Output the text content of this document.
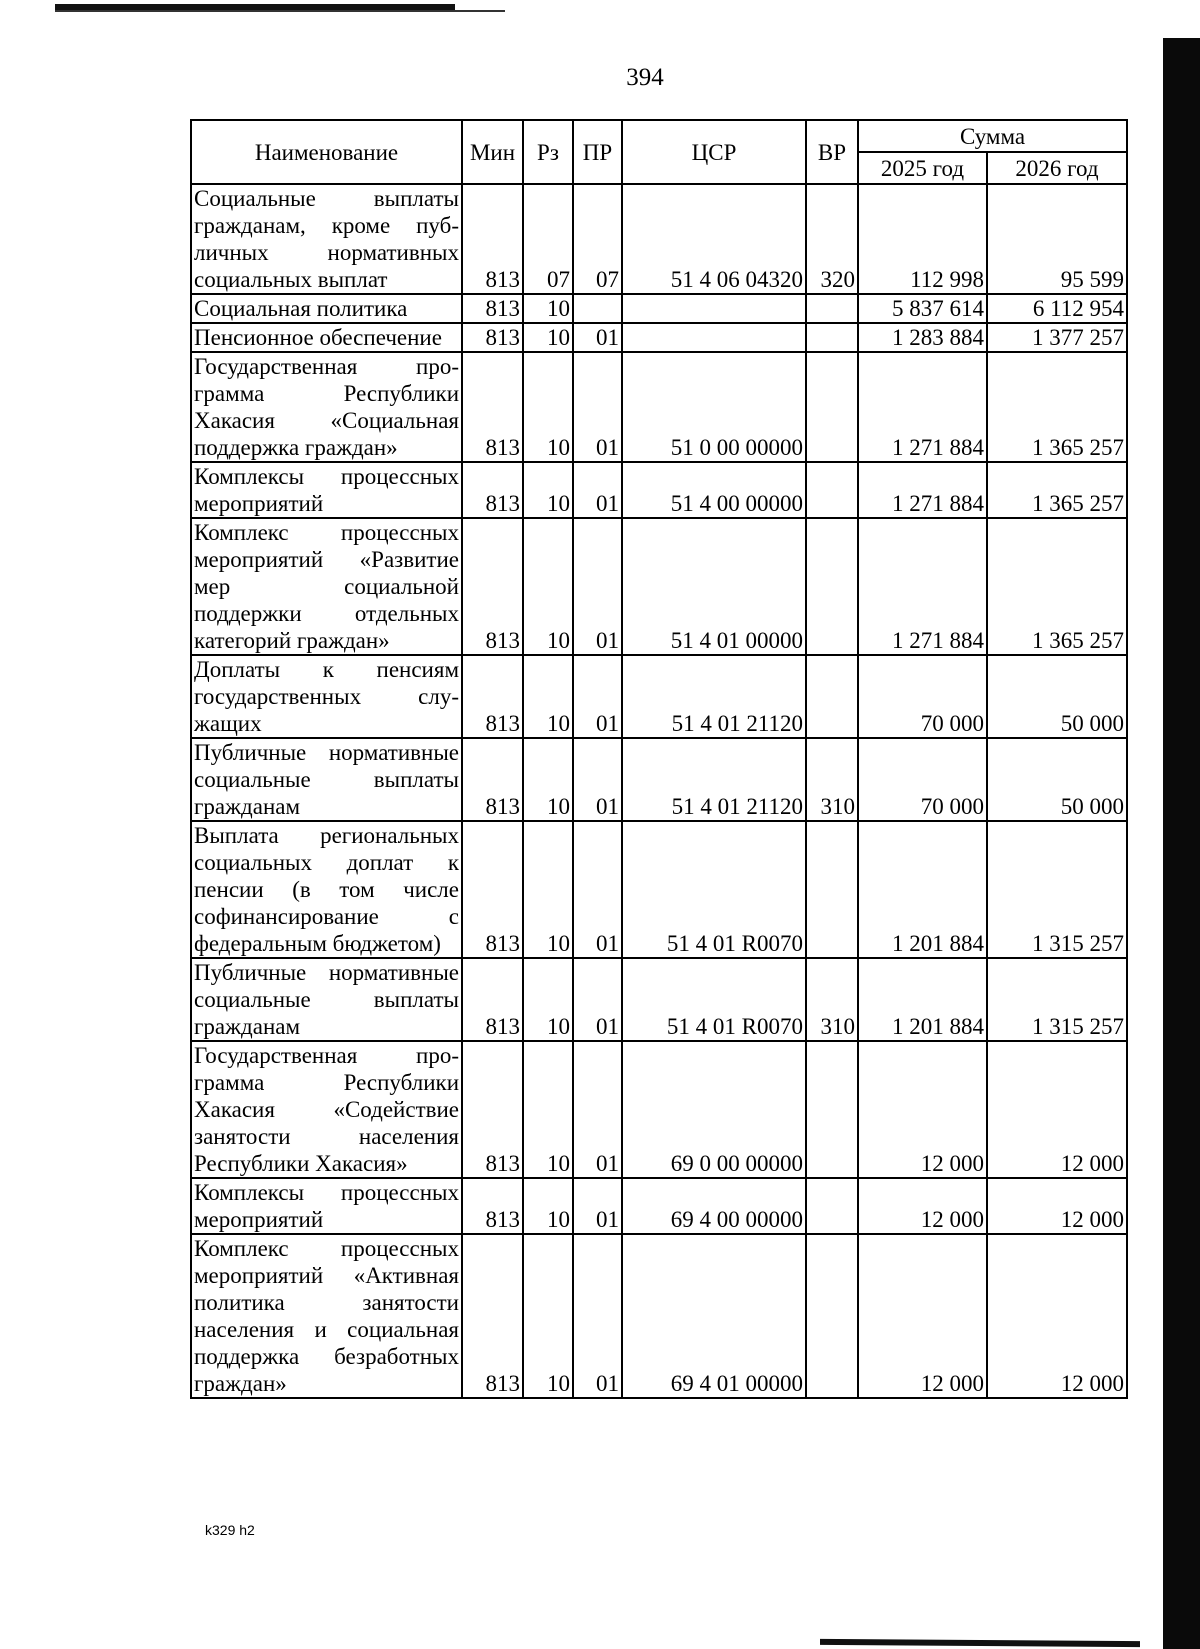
394
Наименование	Мин	Рз	ПР	ЦСР	ВР	Сумма	
						2025 год	2026 год
Социальные выплаты гражданам, кроме публичных нормативных социальных выплат	813	07	07	51 4 06 04320	320	112 998	95 599
Социальная политика	813	10				5 837 614	6 112 954
Пенсионное обеспечение	813	10	01			1 283 884	1 377 257
Государственная программа Республики Хакасия «Социальная поддержка граждан»	813	10	01	51 0 00 00000		1 271 884	1 365 257
Комплексы процессных мероприятий	813	10	01	51 4 00 00000		1 271 884	1 365 257
Комплекс процессных мероприятий «Развитие мер социальной поддержки отдельных категорий граждан»	813	10	01	51 4 01 00000		1 271 884	1 365 257
Доплаты к пенсиям государственных служащих	813	10	01	51 4 01 21120		70 000	50 000
Публичные нормативные социальные выплаты гражданам	813	10	01	51 4 01 21120	310	70 000	50 000
Выплата региональных социальных доплат к пенсии (в том числе софинансирование с федеральным бюджетом)	813	10	01	51 4 01 R0070		1 201 884	1 315 257
Публичные нормативные социальные выплаты гражданам	813	10	01	51 4 01 R0070	310	1 201 884	1 315 257
Государственная программа Республики Хакасия «Содействие занятости населения Республики Хакасия»	813	10	01	69 0 00 00000		12 000	12 000
Комплексы процессных мероприятий	813	10	01	69 4 00 00000		12 000	12 000
Комплекс процессных мероприятий «Активная политика занятости населения и социальная поддержка безработных граждан»	813	10	01	69 4 01 00000		12 000	12 000
k329 h2
